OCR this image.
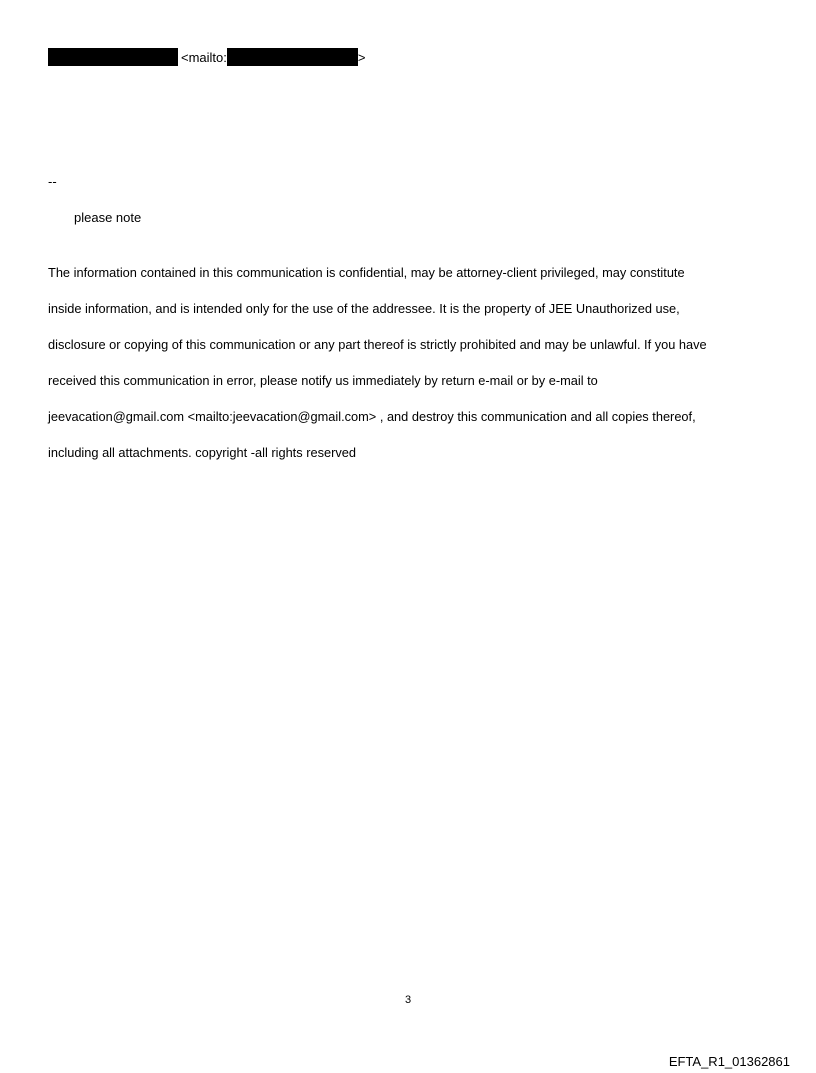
<mailto:	>
--
please note

The information contained in this communication is confidential, may be attorney-client privileged, may constitute

inside information, and is intended only for the use of the addressee. It is the property of JEE Unauthorized use,

disclosure or copying of this communication or any part thereof is strictly prohibited and may be unlawful. If you have

received this communication in error, please notify us immediately by return e-mail or by e-mail to

jeevacation@gmail.com <mailto:jeevacation@gmail.com> , and destroy this communication and all copies thereof,

including all attachments. copyright -all rights reserved

3
EFTA_R1_01362861
